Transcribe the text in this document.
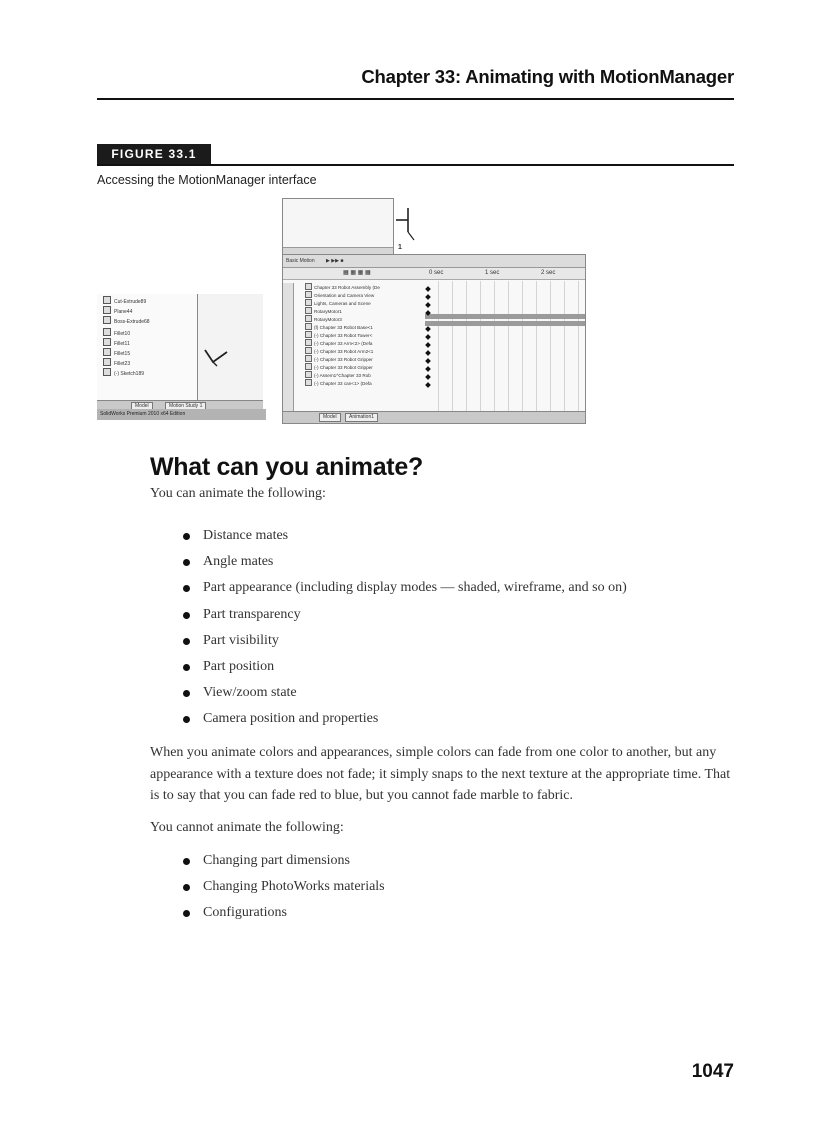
Chapter 33: Animating with MotionManager
FIGURE 33.1
Accessing the MotionManager interface
Cut-Extrude89
Plane44
Boss-Extrude68
Fillet10
Fillet11
Fillet15
Fillet23
(-) Sketch189
Model	Motion Study 1
SolidWorks Premium 2010 x64 Edition
1
Basic Motion ▶ ▶▶ ■
▦ ▦ ▦ ▦	0 sec	1 sec	2 sec
Chapter 33 Robot Assembly (De
Orientation and Camera View
Lights, Cameras and Scene
RotaryMotor1
RotaryMotor3
(f) Chapter 33 Robot Base<1
(-) Chapter 33 Robot Tower<
(-) Chapter 33 Arm<2> (Defa
(-) Chapter 33 Robot Arm2<1
(-) Chapter 33 Robot Gripper
(-) Chapter 33 Robot Gripper
(-) Assem1^Chapter 33 Rob
(-) Chapter 33 can<1> (Defa
Model	Animation1
What can you animate?
You can animate the following:
Distance mates
Angle mates
Part appearance (including display modes — shaded, wireframe, and so on)
Part transparency
Part visibility
Part position
View/zoom state
Camera position and properties
When you animate colors and appearances, simple colors can fade from one color to another, but any appearance with a texture does not fade; it simply snaps to the next texture at the appropriate time. That is to say that you can fade red to blue, but you cannot fade marble to fabric.
You cannot animate the following:
Changing part dimensions
Changing PhotoWorks materials
Configurations
1047
